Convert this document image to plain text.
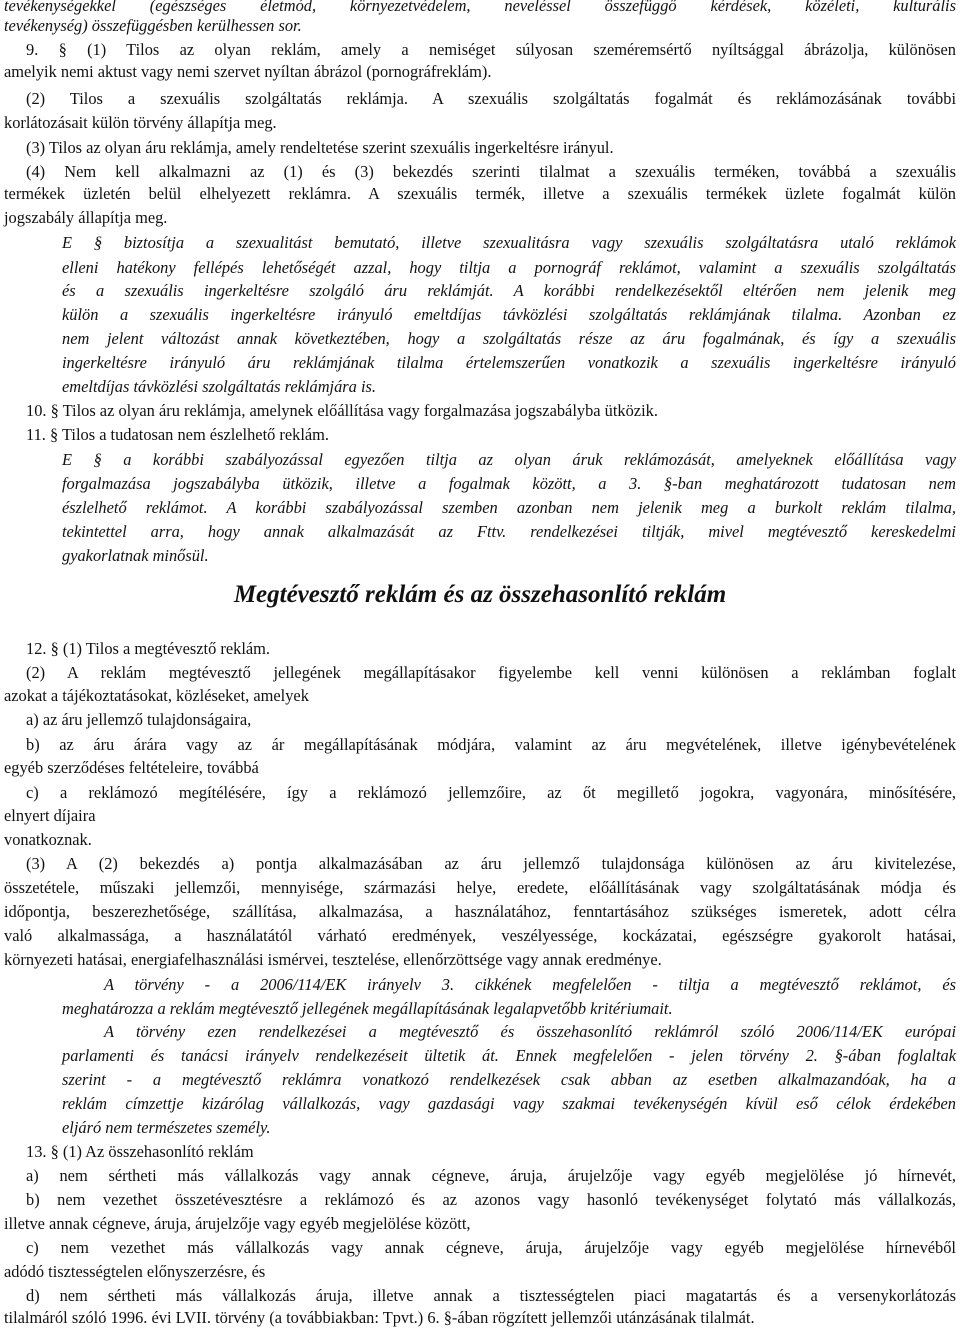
tevékenységekkel (egészséges életmód, környezetvédelem, neveléssel összefüggő kérdések, közéleti, kulturális
tevékenység) összefüggésben kerülhessen sor.
9. § (1) Tilos az olyan reklám, amely a nemiséget súlyosan szeméremsértő nyíltsággal ábrázolja, különösen
amelyik nemi aktust vagy nemi szervet nyíltan ábrázol (pornográfreklám).
(2) Tilos a szexuális szolgáltatás reklámja. A szexuális szolgáltatás fogalmát és reklámozásának további
korlátozásait külön törvény állapítja meg.
(3) Tilos az olyan áru reklámja, amely rendeltetése szerint szexuális ingerkeltésre irányul.
(4) Nem kell alkalmazni az (1) és (3) bekezdés szerinti tilalmat a szexuális terméken, továbbá a szexuális
termékek üzletén belül elhelyezett reklámra. A szexuális termék, illetve a szexuális termékek üzlete fogalmát külön
jogszabály állapítja meg.
E § biztosítja a szexualitást bemutató, illetve szexualitásra vagy szexuális szolgáltatásra utaló reklámok
elleni hatékony fellépés lehetőségét azzal, hogy tiltja a pornográf reklámot, valamint a szexuális szolgáltatás
és a szexuális ingerkeltésre szolgáló áru reklámját. A korábbi rendelkezésektől eltérően nem jelenik meg
külön a szexuális ingerkeltésre irányuló emeltdíjas távközlési szolgáltatás reklámjának tilalma. Azonban ez
nem jelent változást annak következtében, hogy a szolgáltatás része az áru fogalmának, és így a szexuális
ingerkeltésre irányuló áru reklámjának tilalma értelemszerűen vonatkozik a szexuális ingerkeltésre irányuló
emeltdíjas távközlési szolgáltatás reklámjára is.
10. § Tilos az olyan áru reklámja, amelynek előállítása vagy forgalmazása jogszabályba ütközik.
11. § Tilos a tudatosan nem észlelhető reklám.
E § a korábbi szabályozással egyezően tiltja az olyan áruk reklámozását, amelyeknek előállítása vagy
forgalmazása jogszabályba ütközik, illetve a fogalmak között, a 3. §-ban meghatározott tudatosan nem
észlelhető reklámot. A korábbi szabályozással szemben azonban nem jelenik meg a burkolt reklám tilalma,
tekintettel arra, hogy annak alkalmazását az Fttv. rendelkezései tiltják, mivel megtévesztő kereskedelmi
gyakorlatnak minősül.
Megtévesztő reklám és az összehasonlító reklám
12. § (1) Tilos a megtévesztő reklám.
(2) A reklám megtévesztő jellegének megállapításakor figyelembe kell venni különösen a reklámban foglalt
azokat a tájékoztatásokat, közléseket, amelyek
a) az áru jellemző tulajdonságaira,
b) az áru árára vagy az ár megállapításának módjára, valamint az áru megvételének, illetve igénybevételének
egyéb szerződéses feltételeire, továbbá
c) a reklámozó megítélésére, így a reklámozó jellemzőire, az őt megillető jogokra, vagyonára, minősítésére,
elnyert díjaira
vonatkoznak.
(3) A (2) bekezdés a) pontja alkalmazásában az áru jellemző tulajdonsága különösen az áru kivitelezése,
összetétele, műszaki jellemzői, mennyisége, származási helye, eredete, előállításának vagy szolgáltatásának módja és
időpontja, beszerezhetősége, szállítása, alkalmazása, a használatához, fenntartásához szükséges ismeretek, adott célra
való alkalmassága, a használatától várható eredmények, veszélyessége, kockázatai, egészségre gyakorolt hatásai,
környezeti hatásai, energiafelhasználási ismérvei, tesztelése, ellenőrzöttsége vagy annak eredménye.
A törvény - a 2006/114/EK irányelv 3. cikkének megfelelően - tiltja a megtévesztő reklámot, és
meghatározza a reklám megtévesztő jellegének megállapításának legalapvetőbb kritériumait.
A törvény ezen rendelkezései a megtévesztő és összehasonlító reklámról szóló 2006/114/EK európai
parlamenti és tanácsi irányelv rendelkezéseit ültetik át. Ennek megfelelően - jelen törvény 2. §-ában foglaltak
szerint - a megtévesztő reklámra vonatkozó rendelkezések csak abban az esetben alkalmazandóak, ha a
reklám címzettje kizárólag vállalkozás, vagy gazdasági vagy szakmai tevékenységén kívül eső célok érdekében
eljáró nem természetes személy.
13. § (1) Az összehasonlító reklám
a) nem sértheti más vállalkozás vagy annak cégneve, áruja, árujelzője vagy egyéb megjelölése jó hírnevét,
b) nem vezethet összetévesztésre a reklámozó és az azonos vagy hasonló tevékenységet folytató más vállalkozás,
illetve annak cégneve, áruja, árujelzője vagy egyéb megjelölése között,
c) nem vezethet más vállalkozás vagy annak cégneve, áruja, árujelzője vagy egyéb megjelölése hírnevéből
adódó tisztességtelen előnyszerzésre, és
d) nem sértheti más vállalkozás áruja, illetve annak a tisztességtelen piaci magatartás és a versenykorlátozás
tilalmáról szóló 1996. évi LVII. törvény (a továbbiakban: Tpvt.) 6. §-ában rögzített jellemzői utánzásának tilalmát.
